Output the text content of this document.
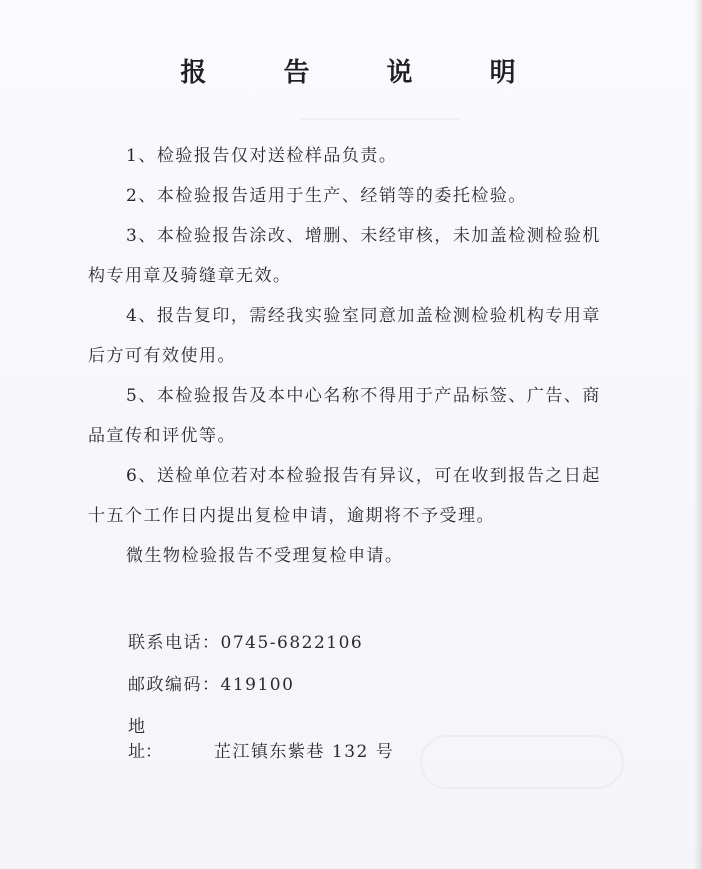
报 告 说 明

1、检验报告仅对送检样品负责。

2、本检验报告适用于生产、经销等的委托检验。

3、本检验报告涂改、增删、未经审核，未加盖检测检验机构专用章及骑缝章无效。

4、报告复印，需经我实验室同意加盖检测检验机构专用章后方可有效使用。

5、本检验报告及本中心名称不得用于产品标签、广告、商品宣传和评优等。

6、送检单位若对本检验报告有异议，可在收到报告之日起十五个工作日内提出复检申请，逾期将不予受理。

微生物检验报告不受理复检申请。

联系电话：0745-6822106
邮政编码：419100
地址：	芷江镇东紫巷 132 号
